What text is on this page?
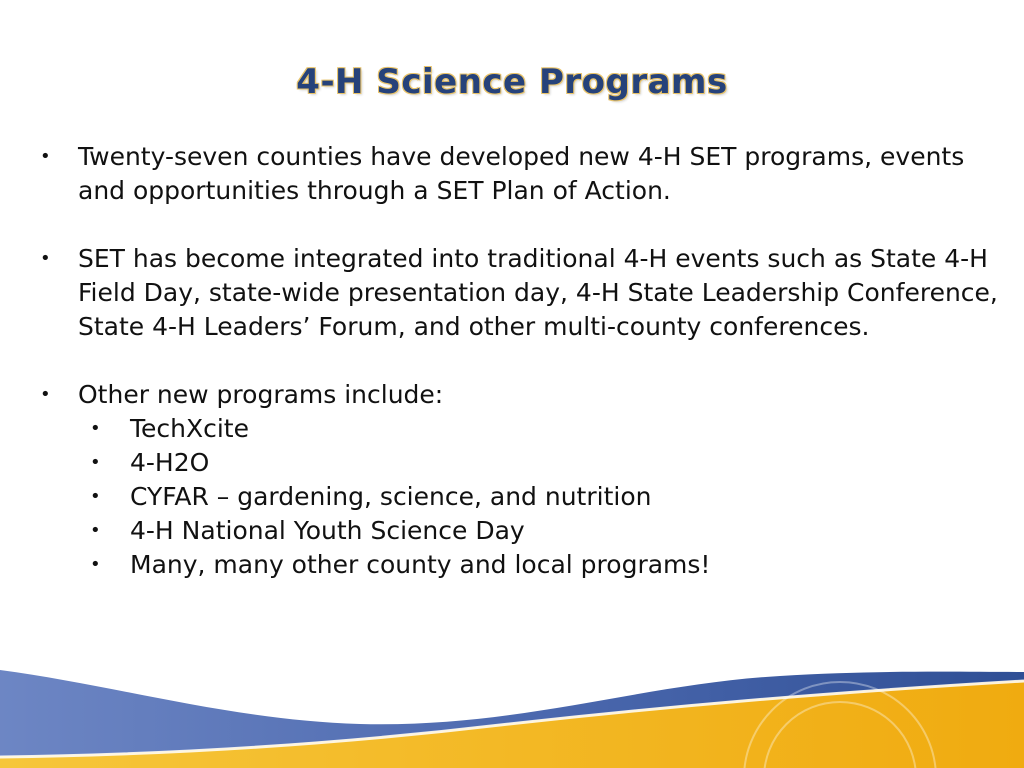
4-H Science Programs
•	Twenty-seven counties have developed new 4-H SET programs, events and opportunities through a SET Plan of Action.
•	SET has become integrated into traditional 4-H events such as State 4-H Field Day, state-wide presentation day, 4-H State Leadership Conference, State 4-H Leaders’ Forum, and other multi-county conferences.
•	Other new programs include:
•	TechXcite
•	4-H2O
•	CYFAR – gardening, science, and nutrition
•	4-H National Youth Science Day
•	Many, many other county and local programs!
